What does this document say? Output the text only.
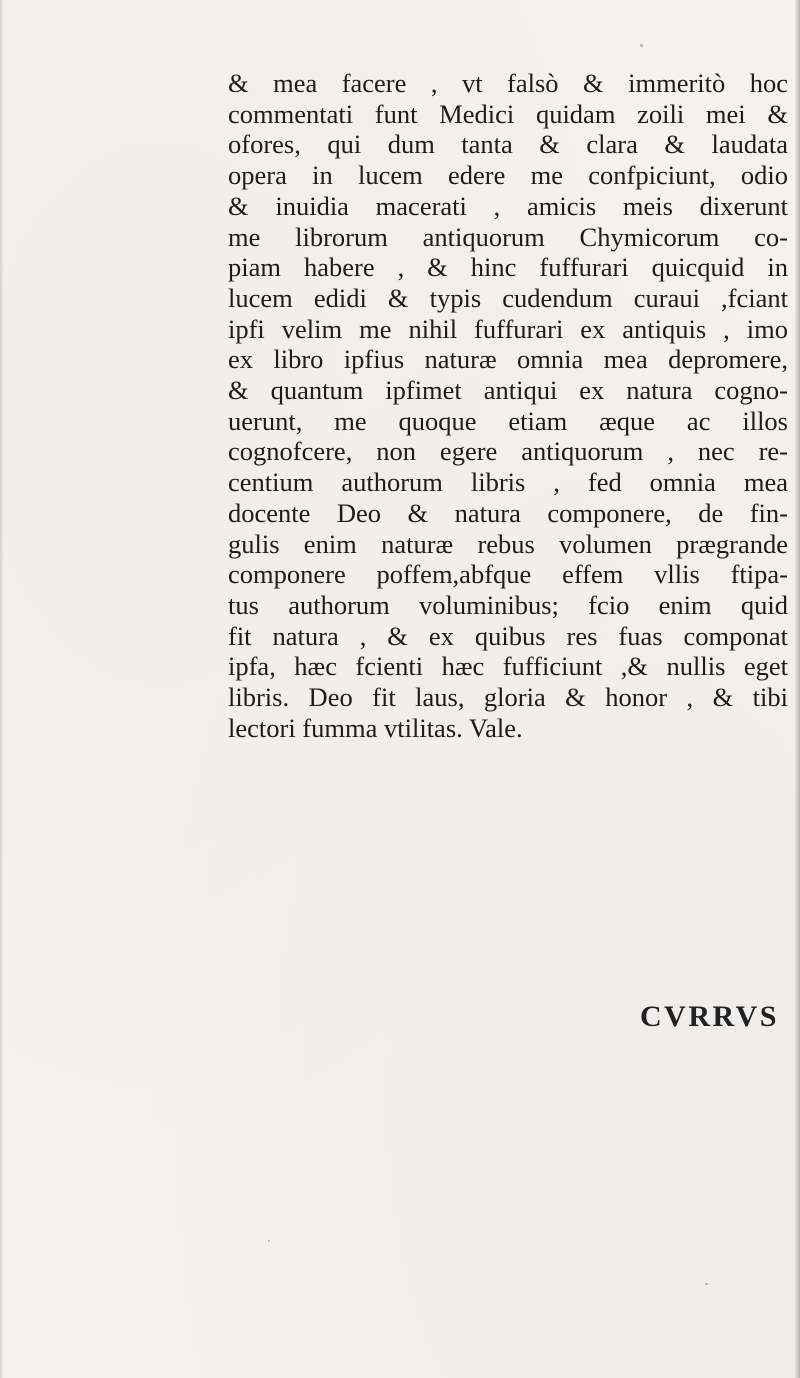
& mea facere , vt falsò & immeritò hoc
commentati funt Medici quidam zoili mei &
ofores, qui dum tanta & clara & laudata
opera in lucem edere me confpiciunt, odio
& inuidia macerati , amicis meis dixerunt
me librorum antiquorum Chymicorum co-
piam habere , & hinc fuffurari quicquid in
lucem edidi & typis cudendum curaui ,fciant
ipfi velim me nihil fuffurari ex antiquis , imo
ex libro ipfius naturæ omnia mea depromere,
& quantum ipfimet antiqui ex natura cogno-
uerunt, me quoque etiam æque ac illos
cognofcere, non egere antiquorum , nec re-
centium authorum libris , fed omnia mea
docente Deo & natura componere, de fin-
gulis enim naturæ rebus volumen prægrande
componere poffem,abfque effem vllis ftipa-
tus authorum voluminibus; fcio enim quid
fit natura , & ex quibus res fuas componat
ipfa, hæc fcienti hæc fufficiunt ,& nullis eget
libris. Deo fit laus, gloria & honor , & tibi
lectori fumma vtilitas. Vale.
CVRRVS
